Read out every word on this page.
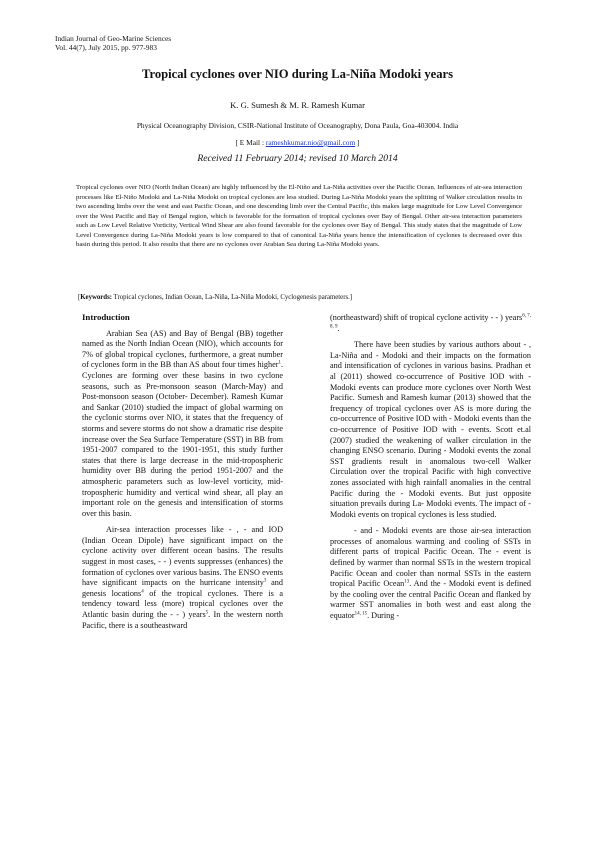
Indian Journal of Geo-Marine Sciences
Vol. 44(7), July 2015, pp. 977-983
Tropical cyclones over NIO during La-Niña Modoki years
K. G. Sumesh & M. R. Ramesh Kumar
Physical Oceanography Division, CSIR-National Institute of Oceanography, Dona Paula, Goa-403004. India
[ E Mail : rameshkumar.nio@gmail.com ]
Received 11 February 2014; revised 10 March 2014

Tropical cyclones over NIO (North Indian Ocean) are highly influenced by the El-Niño and La-Niña activities over the Pacific Ocean. Influences of air-sea interaction processes like El-Niño Modoki and La-Niña Modoki on tropical cyclones are less studied. During La-Niña Modoki years the splitting of Walker circulation results in two ascending limbs over the west and east Pacific Ocean, and one descending limb over the Central Pacific, this makes large magnitude for Low Level Convergence over the West Pacific and Bay of Bengal region, which is favorable for the formation of tropical cyclones over Bay of Bengal. Other air-sea interaction parameters such as Low Level Relative Vorticity, Vertical Wind Shear are also found favorable for the cyclones over Bay of Bengal. This study states that the magnitude of Low Level Convergence during La-Niña Modoki years is low compared to that of canonical La-Niña years hence the intensification of cyclones is decreased over this basin during this period. It also results that there are no cyclones over Arabian Sea during La-Niña Modoki years.

[Keywords: Tropical cyclones, Indian Ocean, La-Niña, La-Niña Modoki, Cyclogenesis parameters.]
Introduction

Arabian Sea (AS) and Bay of Bengal (BB) together named as the North Indian Ocean (NIO), which accounts for 7% of global tropical cyclones, furthermore, a great number of cyclones form in the BB than AS about four times higher$^1$. Cyclones are forming over these basins in two cyclone seasons, such as Pre-monsoon season (March-May) and Post-monsoon season (October- December). Ramesh Kumar and Sankar (2010) studied the impact of global warming on the cyclonic storms over NIO, it states that the frequency of storms and severe storms do not show a dramatic rise despite increase over the Sea Surface Temperature (SST) in BB from 1951-2007 compared to the 1901-1951, this study further states that there is large decrease in the mid-tropospheric humidity over BB during the period 1951-2007 and the atmospheric parameters such as low-level vorticity, mid-tropospheric humidity and vertical wind shear, all play an important role on the genesis and intensification of storms over this basin.

Air-sea interaction processes like - , - and IOD (Indian Ocean Dipole) have significant impact on the cyclone activity over different ocean basins. The results suggest in most cases, - - ) events suppresses (enhances) the formation of cyclones over various basins. The ENSO events have significant impacts on the hurricane intensity$^3$ and genesis locations$^4$ of the tropical cyclones. There is a tendency toward less (more) tropical cyclones over the Atlantic basin during the - - ) years$^5$. In the western north Pacific, there is a southeastward

(northeastward) shift of tropical cyclone activity - - ) years$^{6, 7, 8, 9}$.

There have been studies by various authors about - , La-Niña and - Modoki and their impacts on the formation and intensification of cyclones in various basins. Pradhan et al (2011) showed co-occurrence of Positive IOD with - Modoki events can produce more cyclones over North West Pacific. Sumesh and Ramesh kumar (2013) showed that the frequency of tropical cyclones over AS is more during the co-occurrence of Positive IOD with - Modoki events than the co-occurrence of Positive IOD with - events. Scott et.al (2007) studied the weakening of walker circulation in the changing ENSO scenario. During - Modoki events the zonal SST gradients result in anomalous two-cell Walker Circulation over the tropical Pacific with high convective zones associated with high rainfall anomalies in the central Pacific during the - Modoki events. But just opposite situation prevails during La- Modoki events. The impact of - Modoki events on tropical cyclones is less studied.

- and - Modoki events are those air-sea interaction processes of anomalous warming and cooling of SSTs in different parts of tropical Pacific Ocean. The - event is defined by warmer than normal SSTs in the western tropical Pacific Ocean and cooler than normal SSTs in the eastern tropical Pacific Ocean$^{13}$. And the - Modoki event is defined by the cooling over the central Pacific Ocean and flanked by warmer SST anomalies in both west and east along the equator$^{14, 15}$. During -
